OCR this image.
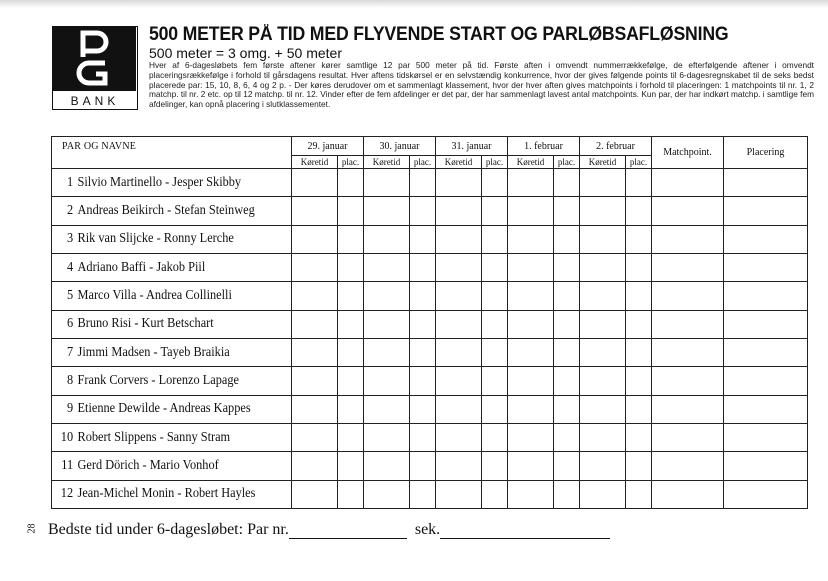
BANK
500 METER PÅ TID MED FLYVENDE START OG PARLØBSAFLØSNING
500 meter = 3 omg. + 50 meter
Hver af 6-dagesløbets fem første aftener kører samtlige 12 par 500 meter på tid. Første aften i omvendt nummerrækkefølge, de efterfølgende aftener i omvendt placeringsrækkefølge i forhold til gårsdagens resultat. Hver aftens tidskørsel er en selvstændig konkurrence, hvor der gives følgende points til 6-dagesregnskabet til de seks bedst placerede par: 15, 10, 8, 6, 4 og 2 p. - Der køres derudover om et sammenlagt klassement, hvor der hver aften gives matchpoints i forhold til placeringen: 1 matchpoints til nr. 1, 2 matchp. til nr. 2 etc. op til 12 matchp. til nr. 12. Vinder efter de fem afdelinger er det par, der har sammenlagt lavest antal matchpoints. Kun par, der har indkørt matchp. i samtlige fem afdelinger, kan opnå placering i slutklassementet.
PAR OG NAVNE	29. januar		30. januar		31. januar		1. februar		2. februar		Matchpoint.	Placering
	Køretid	plac.	Køretid	plac.	Køretid	plac.	Køretid	plac.	Køretid	plac.		

1 Silvio Martinello - Jesper Skibby												

2 Andreas Beikirch - Stefan Steinweg												

3 Rik van Slijcke - Ronny Lerche												

4 Adriano Baffi - Jakob Piil												

5 Marco Villa - Andrea Collinelli												

6 Bruno Risi - Kurt Betschart												

7 Jimmi Madsen - Tayeb Braikia												

8 Frank Corvers - Lorenzo Lapage												

9 Etienne Dewilde - Andreas Kappes												

10 Robert Slippens - Sanny Stram												

11 Gerd Dörich - Mario Vonhof												

12 Jean-Michel Monin - Robert Hayles												

28 Bedste tid under 6-dagesløbet: Par nr.	sek.
